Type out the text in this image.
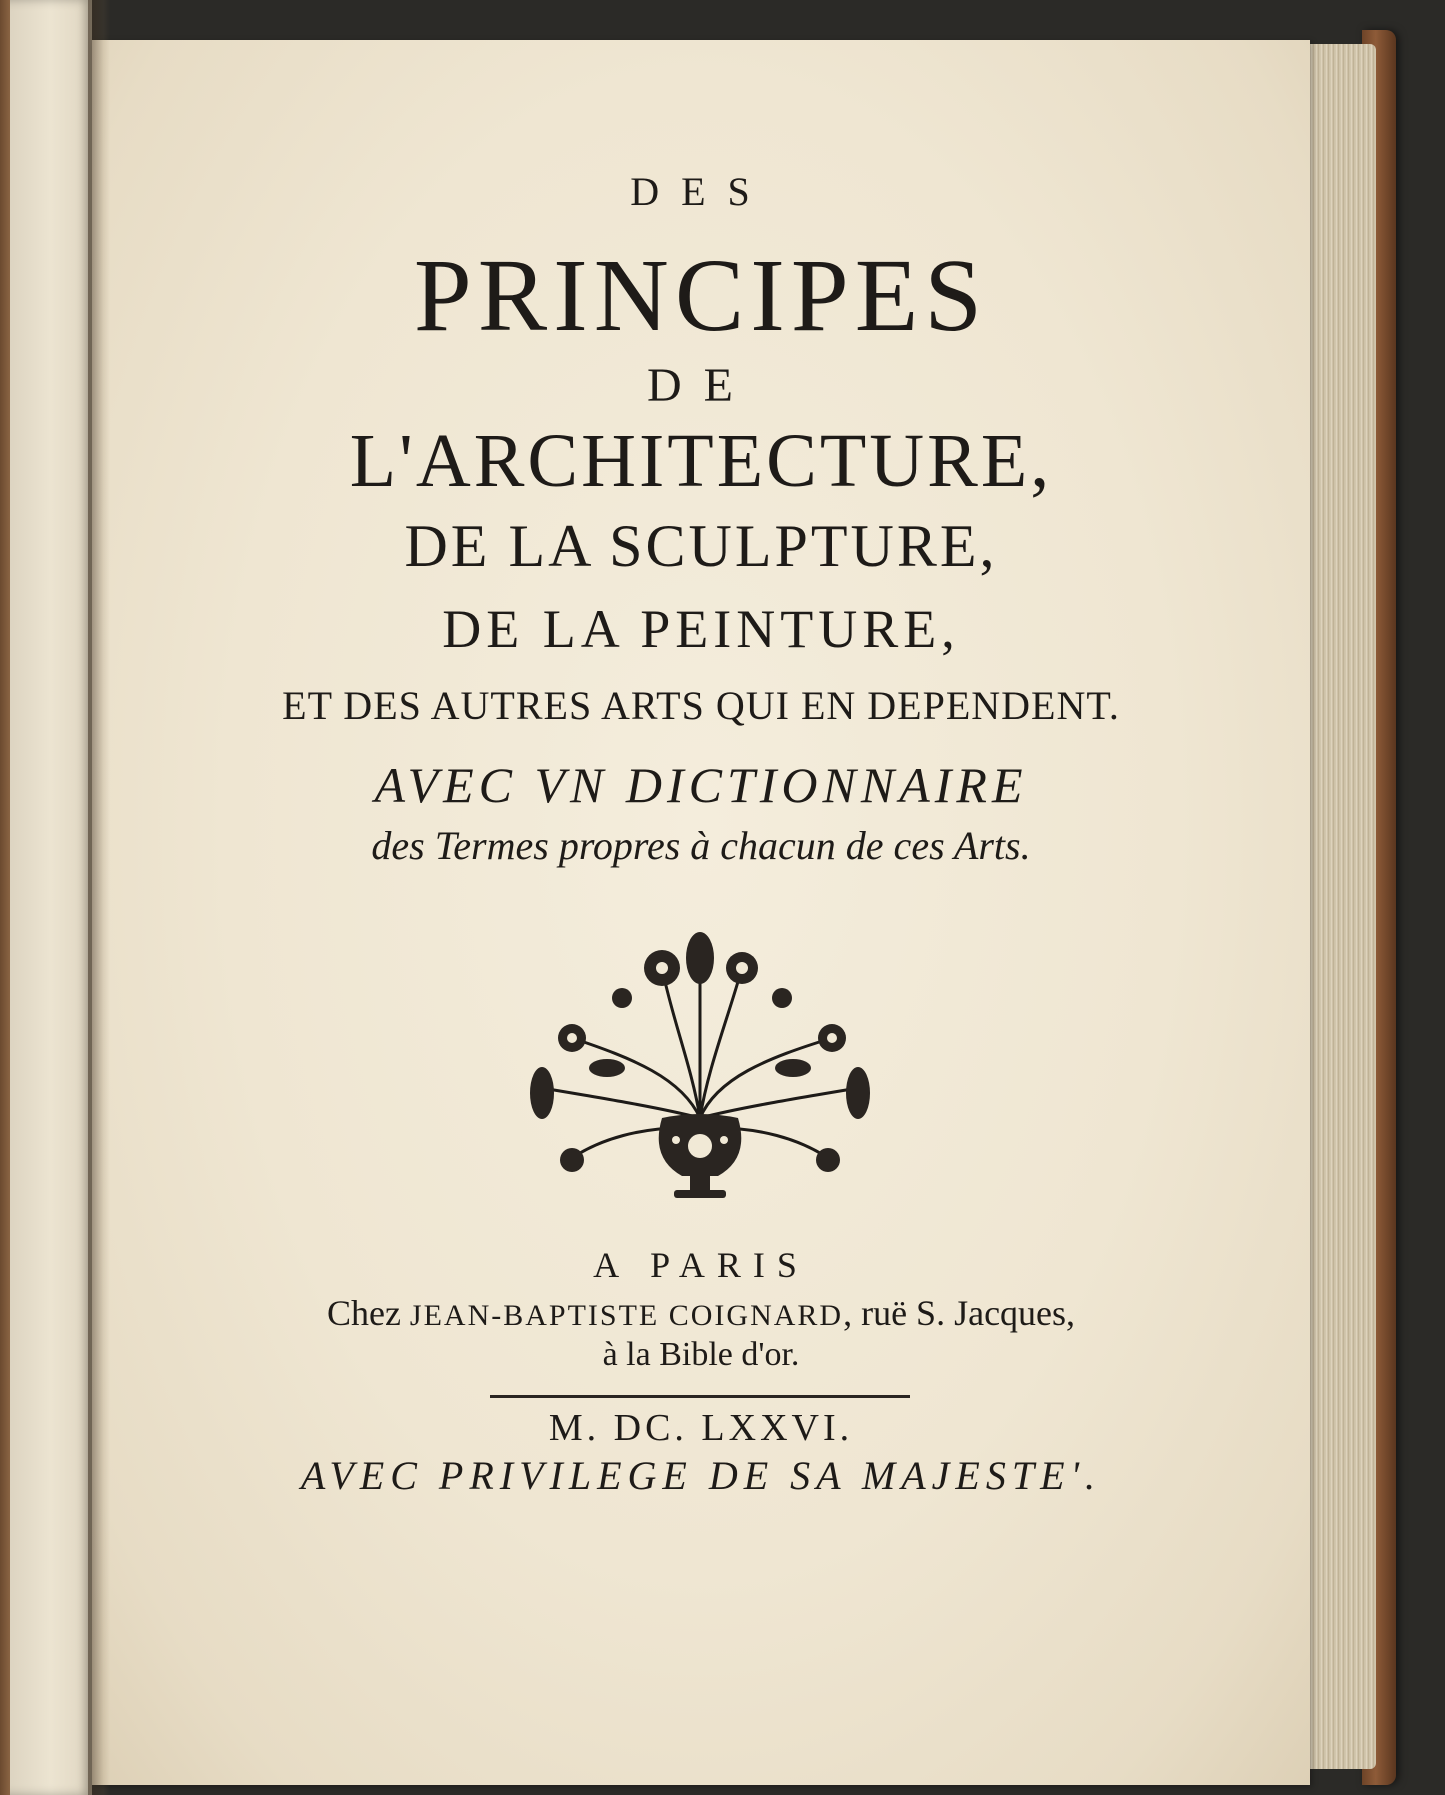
DES
PRINCIPES
DE
L'ARCHITECTURE,
DE LA SCULPTURE,
DE LA PEINTURE,
ET DES AUTRES ARTS QUI EN DEPENDENT.
AVEC VN DICTIONNAIRE
des Termes propres à chacun de ces Arts.
A PARIS
Chez JEAN-BAPTISTE COIGNARD, ruë S. Jacques,
à la Bible d'or.
M. DC. LXXVI.
AVEC PRIVILEGE DE SA MAJESTE'.
